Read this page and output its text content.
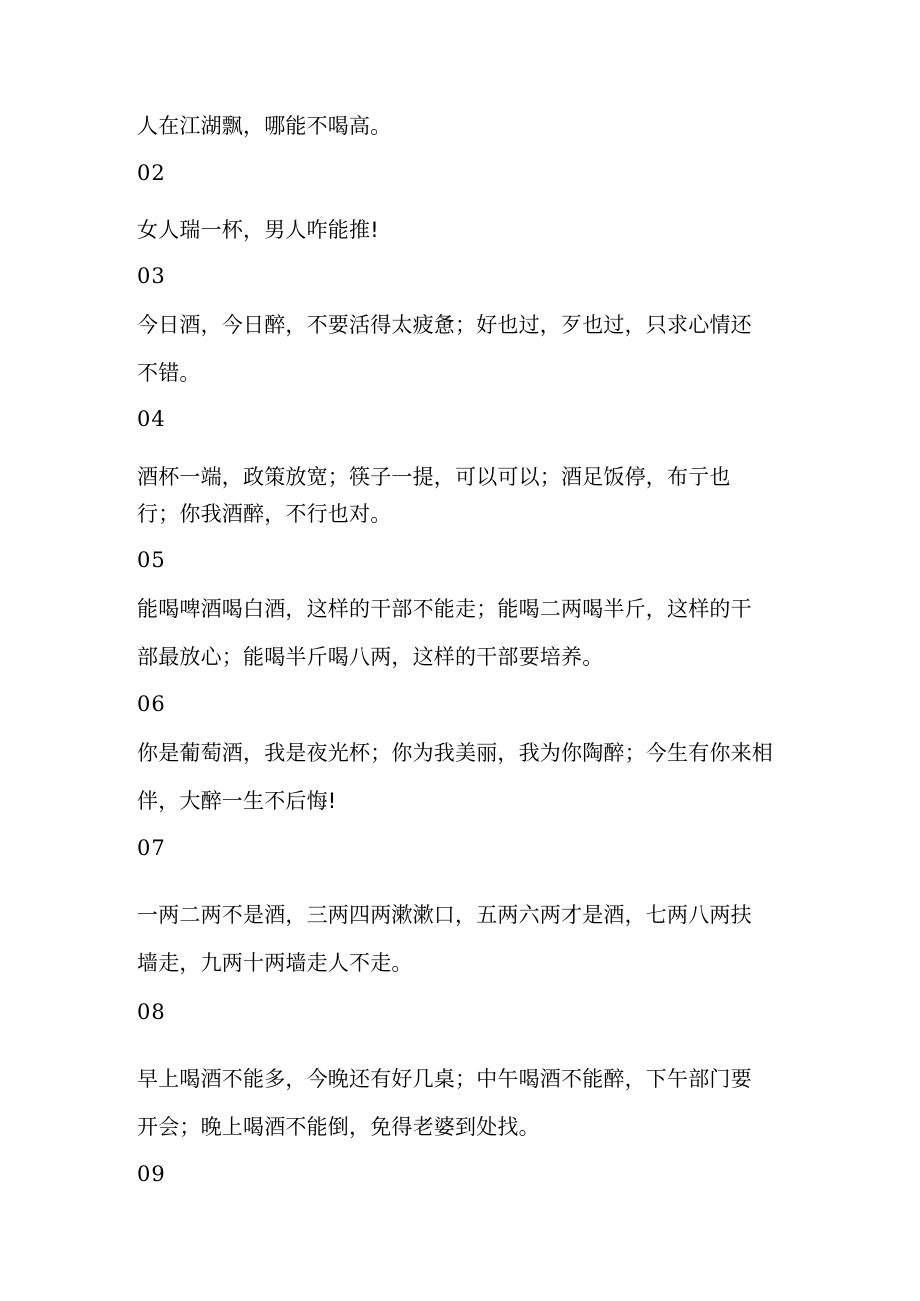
人在江湖飘，哪能不喝高。
02
女人瑞一杯，男人咋能推!
03
今日酒，今日醉，不要活得太疲惫；好也过，歹也过，只求心情还
不错。
04
酒杯一端，政策放宽；筷子一提，可以可以；酒足饭停，布亍也
行；你我酒醉，不行也对。
05
能喝啤酒喝白酒，这样的干部不能走；能喝二两喝半斤，这样的干
部最放心；能喝半斤喝八两，这样的干部要培养。
06
你是葡萄酒，我是夜光杯；你为我美丽，我为你陶醉；今生有你来相
伴，大醉一生不后悔!
07
一两二两不是酒，三两四两漱漱口，五两六两才是酒，七两八两扶
墙走，九两十两墙走人不走。
08
早上喝酒不能多，今晚还有好几桌；中午喝酒不能醉，下午部门要
开会；晚上喝酒不能倒，免得老婆到处找。
09
